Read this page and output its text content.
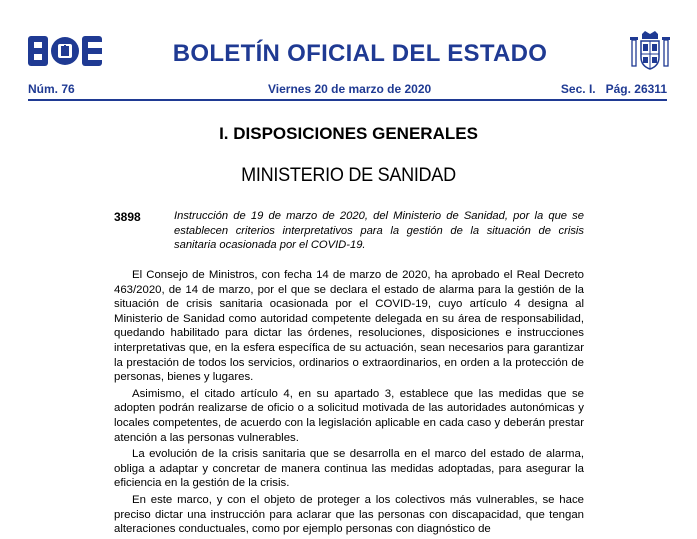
BOLETÍN OFICIAL DEL ESTADO
Núm. 76	Viernes 20 de marzo de 2020	Sec. I.   Pág. 26311
I. DISPOSICIONES GENERALES
MINISTERIO DE SANIDAD
3898	Instrucción de 19 de marzo de 2020, del Ministerio de Sanidad, por la que se establecen criterios interpretativos para la gestión de la situación de crisis sanitaria ocasionada por el COVID-19.

El Consejo de Ministros, con fecha 14 de marzo de 2020, ha aprobado el Real Decreto 463/2020, de 14 de marzo, por el que se declara el estado de alarma para la gestión de la situación de crisis sanitaria ocasionada por el COVID-19, cuyo artículo 4 designa al Ministerio de Sanidad como autoridad competente delegada en su área de responsabilidad, quedando habilitado para dictar las órdenes, resoluciones, disposiciones e instrucciones interpretativas que, en la esfera específica de su actuación, sean necesarios para garantizar la prestación de todos los servicios, ordinarios o extraordinarios, en orden a la protección de personas, bienes y lugares.

Asimismo, el citado artículo 4, en su apartado 3, establece que las medidas que se adopten podrán realizarse de oficio o a solicitud motivada de las autoridades autonómicas y locales competentes, de acuerdo con la legislación aplicable en cada caso y deberán prestar atención a las personas vulnerables.

La evolución de la crisis sanitaria que se desarrolla en el marco del estado de alarma, obliga a adaptar y concretar de manera continua las medidas adoptadas, para asegurar la eficiencia en la gestión de la crisis.

En este marco, y con el objeto de proteger a los colectivos más vulnerables, se hace preciso dictar una instrucción para aclarar que las personas con discapacidad, que tengan alteraciones conductuales, como por ejemplo personas con diagnóstico de
